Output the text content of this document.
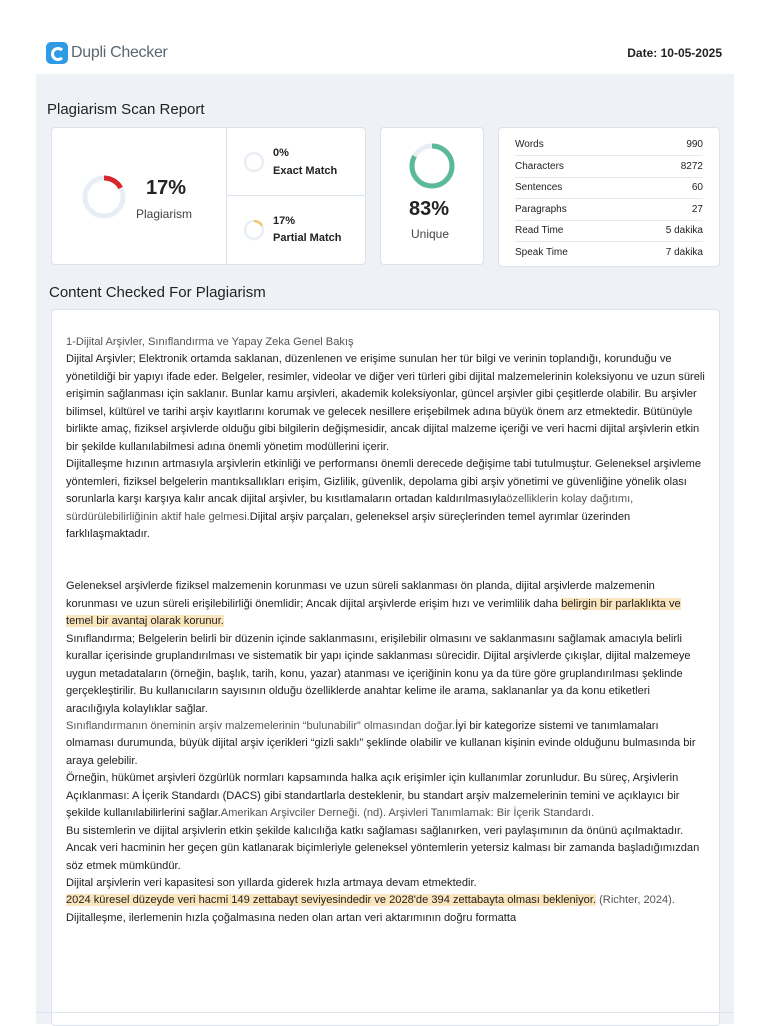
Dupli Checker	Date: 10-05-2025
Plagiarism Scan Report
17%
Plagiarism
0%
Exact Match
17%
Partial Match
83%
Unique
Words	990
Characters	8272
Sentences	60
Paragraphs	27
Read Time	5 dakika
Speak Time	7 dakika
Content Checked For Plagiarism

1-Dijital Arşivler, Sınıflandırma ve Yapay Zeka Genel Bakış

Dijital Arşivler; Elektronik ortamda saklanan, düzenlenen ve erişime sunulan her tür bilgi ve verinin toplandığı, korunduğu ve yönetildiği bir yapıyı ifade eder. Belgeler, resimler, videolar ve diğer veri türleri gibi dijital malzemelerinin koleksiyonu ve uzun süreli erişimin sağlanması için saklanır. Bunlar kamu arşivleri, akademik koleksiyonlar, güncel arşivler gibi çeşitlerde olabilir. Bu arşivler bilimsel, kültürel ve tarihi arşiv kayıtlarını korumak ve gelecek nesillere erişebilmek adına büyük önem arz etmektedir. Bütünüyle birlikte amaç, fiziksel arşivlerde olduğu gibi bilgilerin değişmesidir, ancak dijital malzeme içeriği ve veri hacmi dijital arşivlerin etkin bir şekilde kullanılabilmesi adına önemli yönetim modüllerini içerir.

Dijitalleşme hızının artmasıyla arşivlerin etkinliği ve performansı önemli derecede değişime tabi tutulmuştur. Geleneksel arşivleme yöntemleri, fiziksel belgelerin mantıksallıkları erişim, Gizlilik, güvenlik, depolama gibi arşiv yönetimi ve güvenliğine yönelik olası sorunlarla karşı karşıya kalır ancak dijital arşivler, bu kısıtlamaların ortadan kaldırılmasıylaözelliklerin kolay dağıtımı, sürdürülebilirliğinin aktif hale gelmesi.Dijital arşiv parçaları, geleneksel arşiv süreçlerinden temel ayrımlar üzerinden farklılaşmaktadır.

Geleneksel arşivlerde fiziksel malzemenin korunması ve uzun süreli saklanması ön planda, dijital arşivlerde malzemenin korunması ve uzun süreli erişilebilirliği önemlidir; Ancak dijital arşivlerde erişim hızı ve verimlilik daha belirgin bir parlaklıkta ve temel bir avantaj olarak korunur.

Sınıflandırma; Belgelerin belirli bir düzenin içinde saklanmasını, erişilebilir olmasını ve saklanmasını sağlamak amacıyla belirli kurallar içerisinde gruplandırılması ve sistematik bir yapı içinde saklanması sürecidir. Dijital arşivlerde çıkışlar, dijital malzemeye uygun metadataların (örneğin, başlık, tarih, konu, yazar) atanması ve içeriğinin konu ya da türe göre gruplandırılması şeklinde gerçekleştirilir. Bu kullanıcıların sayısının olduğu özelliklerde anahtar kelime ile arama, saklananlar ya da konu etiketleri aracılığıyla kolaylıklar sağlar.

Sınıflandırmanın öneminin arşiv malzemelerinin “bulunabilir” olmasından doğar.İyi bir kategorize sistemi ve tanımlamaları olmaması durumunda, büyük dijital arşiv içerikleri “gizli saklı” şeklinde olabilir ve kullanan kişinin evinde olduğunu bulmasında bir araya gelebilir.

Örneğin, hükümet arşivleri özgürlük normları kapsamında halka açık erişimler için kullanımlar zorunludur. Bu süreç, Arşivlerin Açıklanması: A İçerik Standardı (DACS) gibi standartlarla desteklenir, bu standart arşiv malzemelerinin temini ve açıklayıcı bir şekilde kullanılabilirlerini sağlar.Amerikan Arşivciler Derneği. (nd). Arşivleri Tanımlamak: Bir İçerik Standardı.

Bu sistemlerin ve dijital arşivlerin etkin şekilde kalıcılığa katkı sağlaması sağlanırken, veri paylaşımının da önünü açılmaktadır. Ancak veri hacminin her geçen gün katlanarak biçimleriyle geleneksel yöntemlerin yetersiz kalması bir zamanda başladığımızdan söz etmek mümkündür.

Dijital arşivlerin veri kapasitesi son yıllarda giderek hızla artmaya devam etmektedir.

2024 küresel düzeyde veri hacmi 149 zettabayt seviyesindedir ve 2028'de 394 zettabayta olması bekleniyor. (Richter, 2024).

Dijitalleşme, ilerlemenin hızla çoğalmasına neden olan artan veri aktarımının doğru formatta
